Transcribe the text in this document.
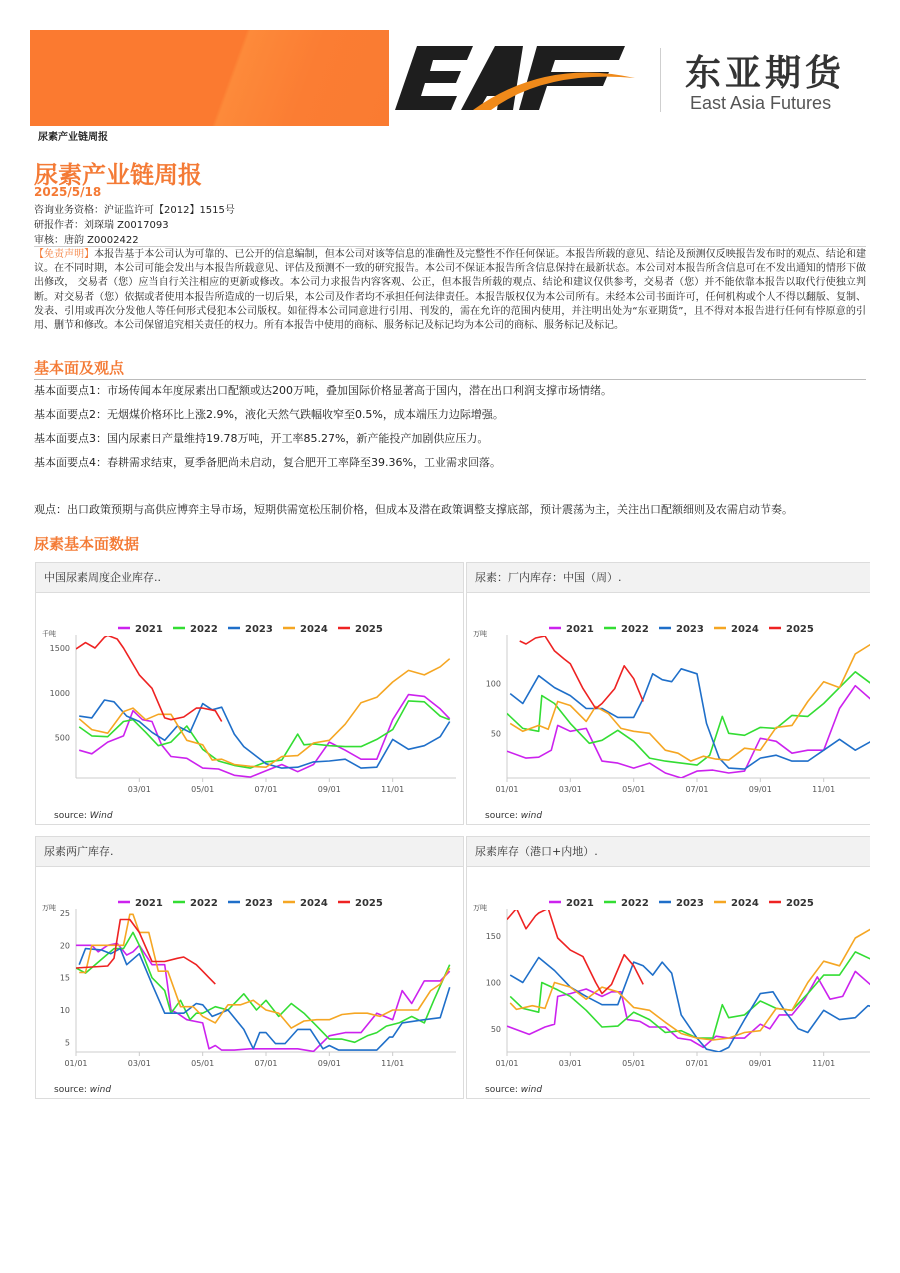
东亚期货
East Asia Futures
尿素产业链周报
尿素产业链周报
2025/5/18
咨询业务资格：沪证监许可【2012】1515号
研报作者：刘琛瑞 Z0017093
审核：唐韵 Z0002422
【免责声明】本报告基于本公司认为可靠的、已公开的信息编制，但本公司对该等信息的准确性及完整性不作任何保证。本报告所载的意见、结论及预测仅反映报告发布时的观点、结论和建议。在不同时期，本公司可能会发出与本报告所载意见、评估及预测不一致的研究报告。本公司不保证本报告所含信息保持在最新状态。本公司对本报告所含信息可在不发出通知的情形下做出修改， 交易者（您）应当自行关注相应的更新或修改。本公司力求报告内容客观、公正，但本报告所载的观点、结论和建议仅供参考，交易者（您）并不能依靠本报告以取代行使独立判断。对交易者（您）依据或者使用本报告所造成的一切后果，本公司及作者均不承担任何法律责任。本报告版权仅为本公司所有。未经本公司书面许可，任何机构或个人不得以翻版、复制、发表、引用或再次分发他人等任何形式侵犯本公司版权。如征得本公司同意进行引用、刊发的，需在允许的范围内使用，并注明出处为“东亚期货”，且不得对本报告进行任何有悖原意的引用、删节和修改。本公司保留追究相关责任的权力。所有本报告中使用的商标、服务标记及标记均为本公司的商标、服务标记及标记。
基本面及观点
基本面要点1：市场传闻本年度尿素出口配额或达200万吨，叠加国际价格显著高于国内，潜在出口利润支撑市场情绪。
基本面要点2：无烟煤价格环比上涨2.9%，液化天然气跌幅收窄至0.5%，成本端压力边际增强。
基本面要点3：国内尿素日产量维持19.78万吨，开工率85.27%，新产能投产加剧供应压力。
基本面要点4：春耕需求结束，夏季备肥尚未启动，复合肥开工率降至39.36%，工业需求回落。
观点：出口政策预期与高供应博弈主导市场，短期供需宽松压制价格，但成本及潜在政策调整支撑底部，预计震荡为主，关注出口配额细则及农需启动节奏。
尿素基本面数据
中国尿素周度企业库存..
2021	2022	2023	2024	2025
千吨
500
1000
1500
03/01	05/01	07/01	09/01	11/01
source: Wind
尿素：厂内库存：中国（周）.
2021	2022	2023	2024	2025
万吨
50
100
01/01	03/01	05/01	07/01	09/01	11/01
source: wind
尿素两广库存.
2021	2022	2023	2024	2025
万吨
5
10
15
20
25
01/01	03/01	05/01	07/01	09/01	11/01
source: wind
尿素库存（港口+内地）.
2021	2022	2023	2024	2025
万吨
50
100
150
01/01	03/01	05/01	07/01	09/01	11/01
source: wind
